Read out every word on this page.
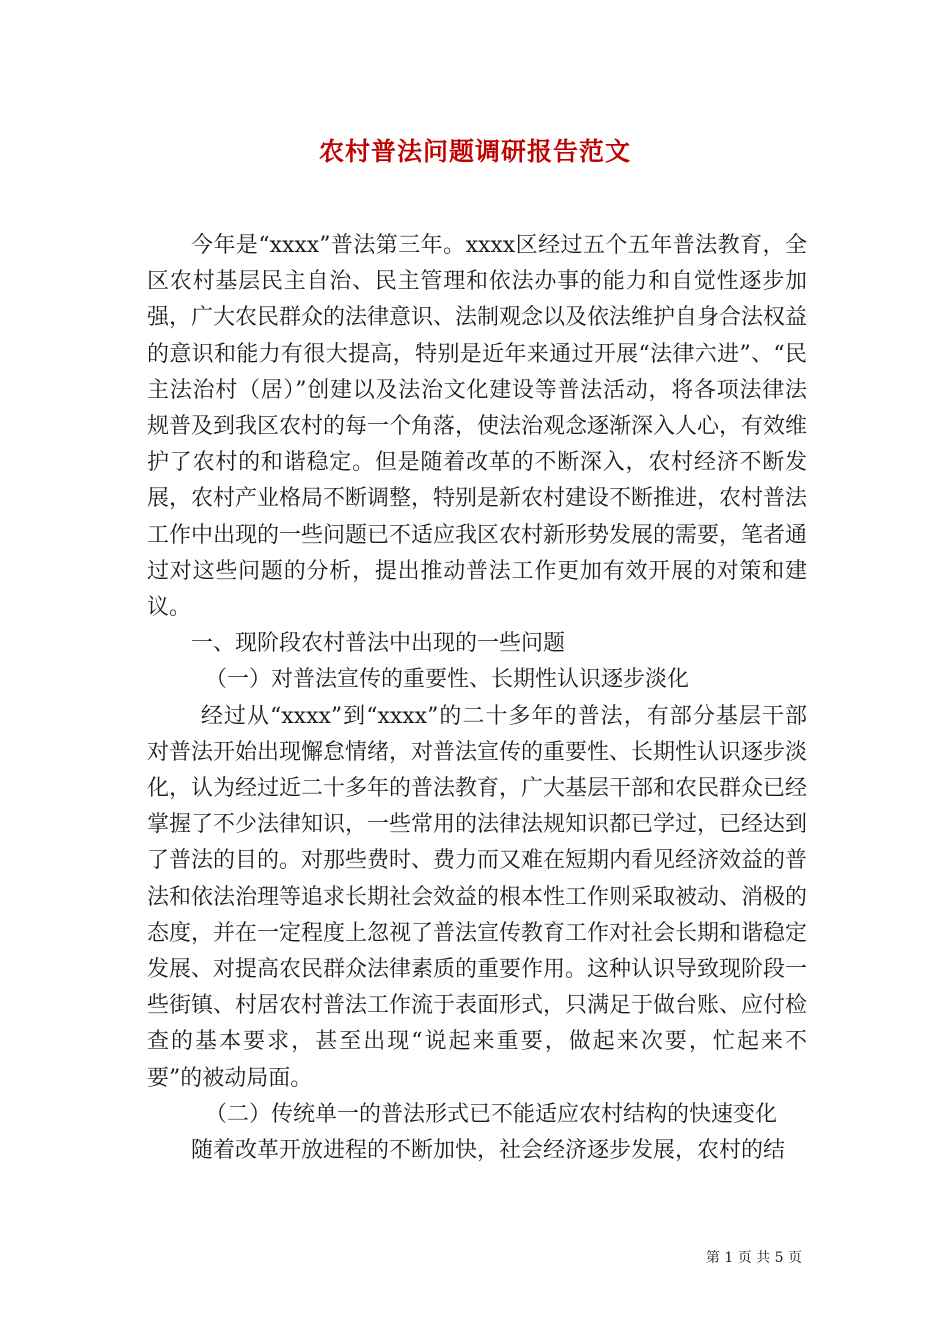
农村普法问题调研报告范文

今年是“xxxx”普法第三年。xxxx区经过五个五年普法教育，全区农村基层民主自治、民主管理和依法办事的能力和自觉性逐步加强，广大农民群众的法律意识、法制观念以及依法维护自身合法权益的意识和能力有很大提高，特别是近年来通过开展“法律六进”、“民主法治村（居）”创建以及法治文化建设等普法活动，将各项法律法规普及到我区农村的每一个角落，使法治观念逐渐深入人心，有效维护了农村的和谐稳定。但是随着改革的不断深入，农村经济不断发展，农村产业格局不断调整，特别是新农村建设不断推进，农村普法工作中出现的一些问题已不适应我区农村新形势发展的需要，笔者通过对这些问题的分析，提出推动普法工作更加有效开展的对策和建议。

一、现阶段农村普法中出现的一些问题

（一）对普法宣传的重要性、长期性认识逐步淡化

经过从“xxxx”到“xxxx”的二十多年的普法，有部分基层干部对普法开始出现懈怠情绪，对普法宣传的重要性、长期性认识逐步淡化，认为经过近二十多年的普法教育，广大基层干部和农民群众已经掌握了不少法律知识，一些常用的法律法规知识都已学过，已经达到了普法的目的。对那些费时、费力而又难在短期内看见经济效益的普法和依法治理等追求长期社会效益的根本性工作则采取被动、消极的态度，并在一定程度上忽视了普法宣传教育工作对社会长期和谐稳定发展、对提高农民群众法律素质的重要作用。这种认识导致现阶段一些街镇、村居农村普法工作流于表面形式，只满足于做台账、应付检查的基本要求，甚至出现“说起来重要，做起来次要，忙起来不要”的被动局面。

（二）传统单一的普法形式已不能适应农村结构的快速变化

随着改革开放进程的不断加快，社会经济逐步发展，农村的结

第 1 页 共 5 页
